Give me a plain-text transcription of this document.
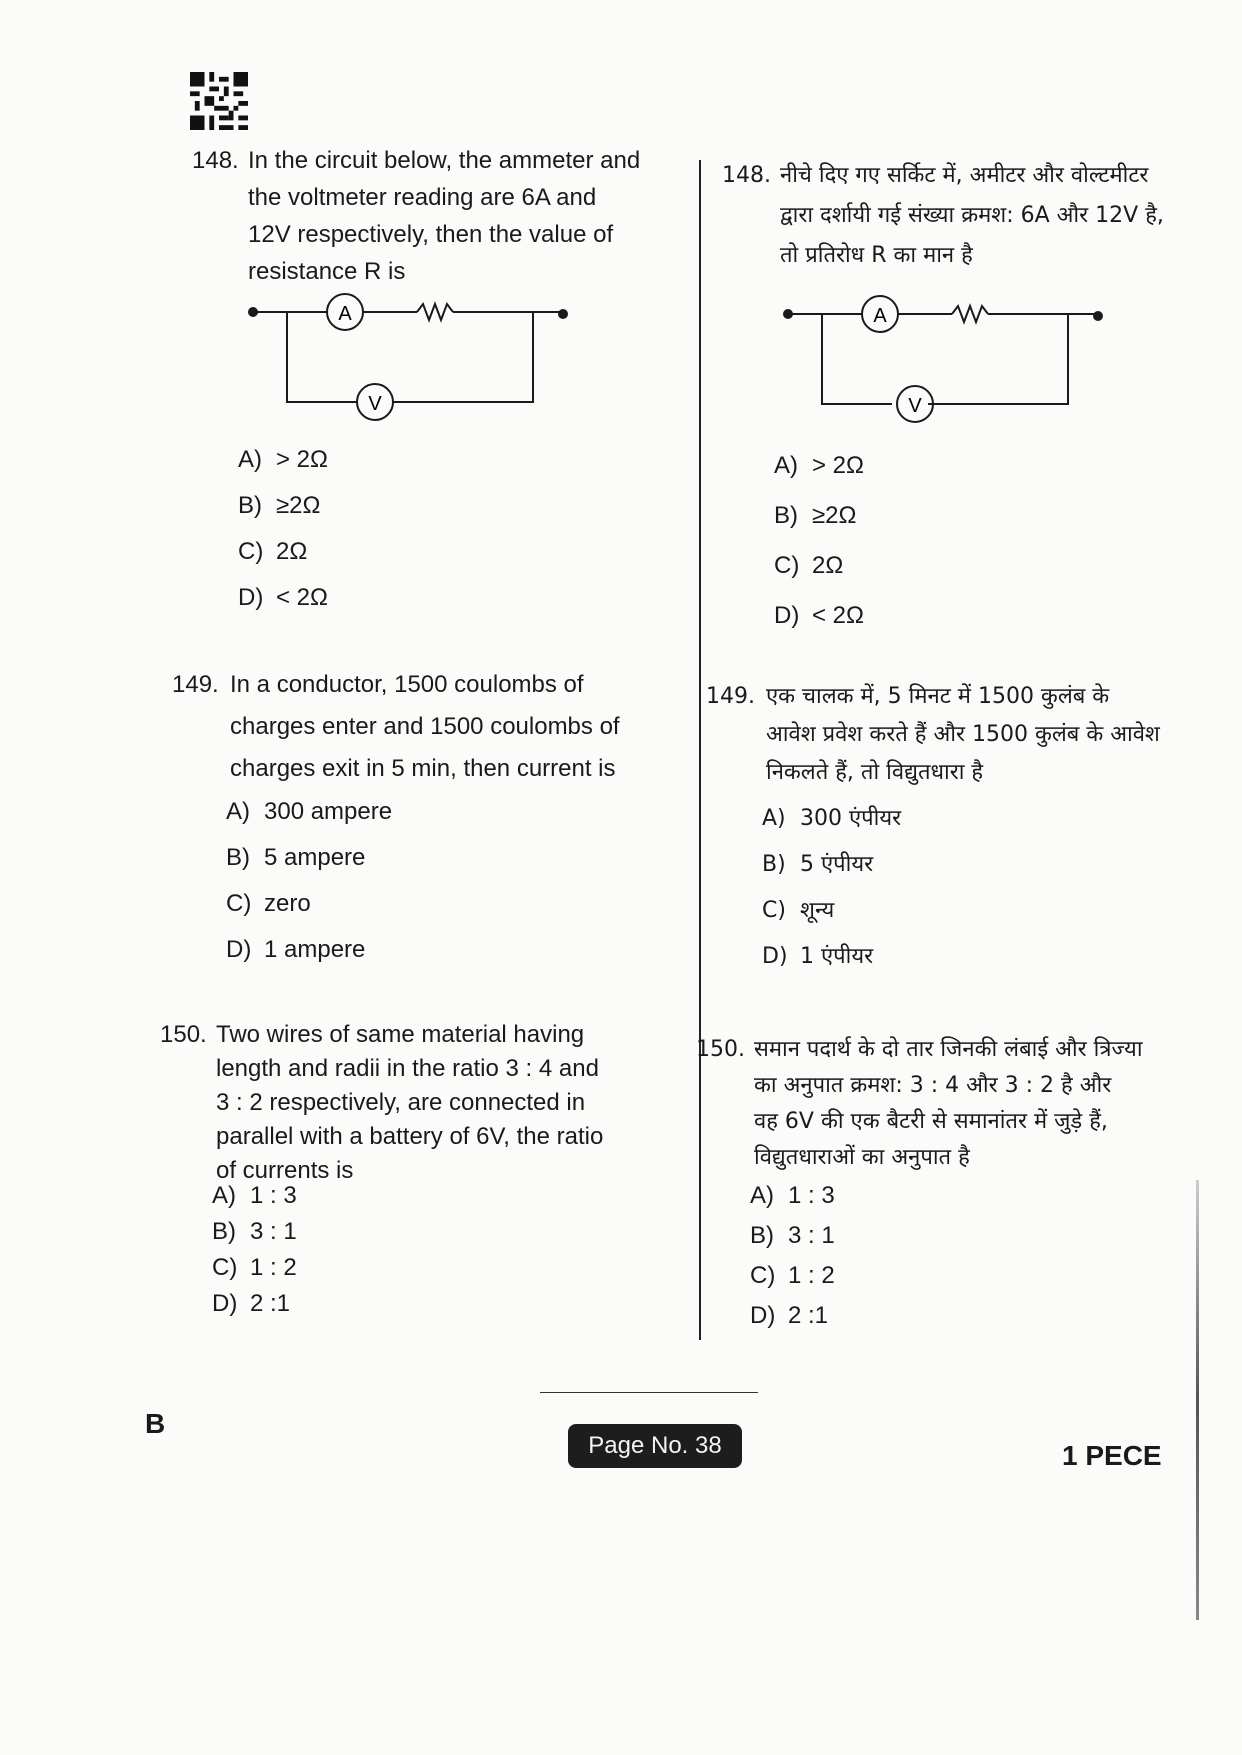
148. In the circuit below, the ammeter and
the voltmeter reading are 6A and
12V respectively, then the value of
resistance R is
A
V
A) > 2Ω
B) ≥2Ω
C) 2Ω
D) < 2Ω
149. In a conductor, 1500 coulombs of
charges enter and 1500 coulombs of
charges exit in 5 min, then current is
A) 300 ampere
B) 5 ampere
C) zero
D) 1 ampere
150. Two wires of same material having
length and radii in the ratio 3 : 4 and
3 : 2 respectively, are connected in
parallel with a battery of 6V, the ratio
of currents is
A) 1 : 3
B) 3 : 1
C) 1 : 2
D) 2 :1
148. नीचे दिए गए सर्किट में, अमीटर और वोल्टमीटर
द्वारा दर्शायी गई संख्या क्रमश: 6A और 12V है,
तो प्रतिरोध R का मान है
A
V
A) > 2Ω
B) ≥2Ω
C) 2Ω
D) < 2Ω
149. एक चालक में, 5 मिनट में 1500 कुलंब के
आवेश प्रवेश करते हैं और 1500 कुलंब के आवेश
निकलते हैं, तो विद्युतधारा है
A) 300 एंपीयर
B) 5 एंपीयर
C) शून्य
D) 1 एंपीयर
150. समान पदार्थ के दो तार जिनकी लंबाई और त्रिज्या
का अनुपात क्रमश: 3 : 4 और 3 : 2 है और
वह 6V की एक बैटरी से समानांतर में जुड़े हैं,
विद्युतधाराओं का अनुपात है
A) 1 : 3
B) 3 : 1
C) 1 : 2
D) 2 :1
B
Page No. 38	1 PECE
